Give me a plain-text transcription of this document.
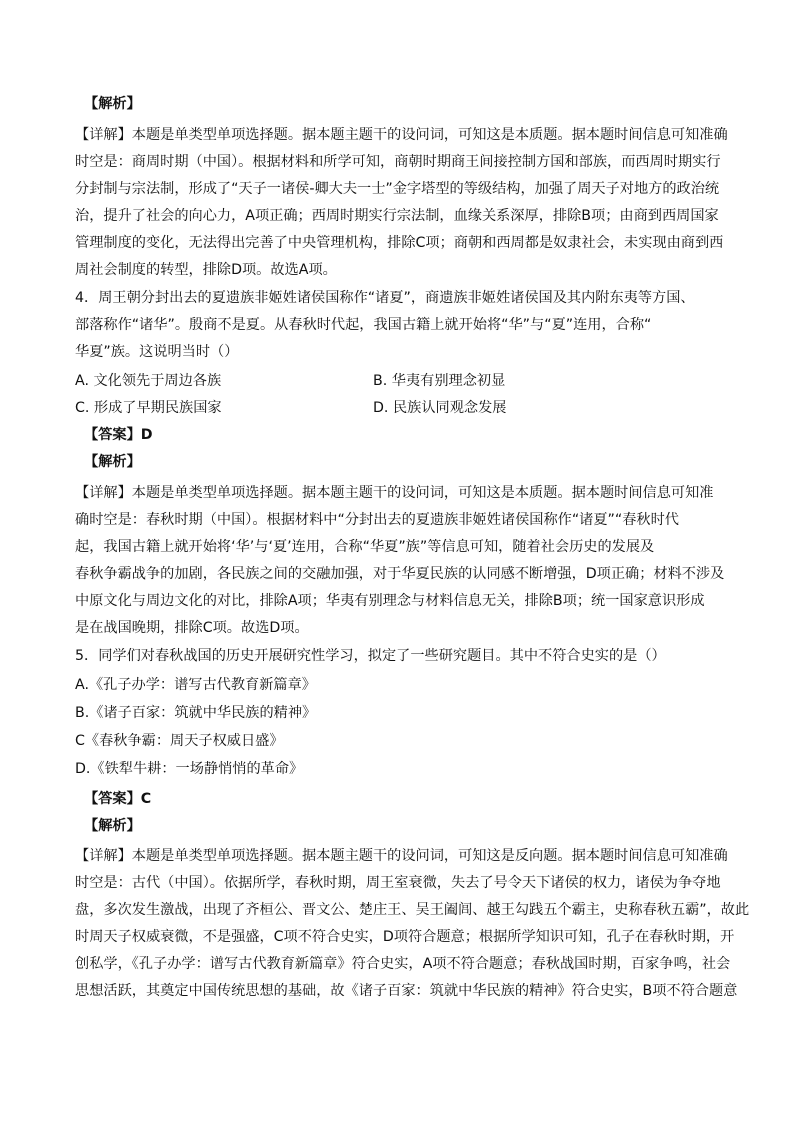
【解析】
【详解】本题是单类型单项选择题。据本题主题干的设问词，可知这是本质题。据本题时间信息可知准确
时空是：商周时期（中国）。根据材料和所学可知，商朝时期商王间接控制方国和部族，而西周时期实行
分封制与宗法制，形成了“天子一诸侯-卿大夫一士”金字塔型的等级结构，加强了周天子对地方的政治统
治，提升了社会的向心力，A项正确；西周时期实行宗法制，血缘关系深厚，排除B项；由商到西周国家
管理制度的变化，无法得出完善了中央管理机构，排除C项；商朝和西周都是奴隶社会，未实现由商到西
周社会制度的转型，排除D项。故选A项。
4．周王朝分封出去的夏遗族非姬姓诸侯国称作“诸夏”，商遗族非姬姓诸侯国及其内附东夷等方国、
部落称作“诸华”。殷商不是夏。从春秋时代起，我国古籍上就开始将“华”与“夏”连用，合称“
华夏”族。这说明当时（）
A. 文化领先于周边各族	B. 华夷有别理念初显
C. 形成了早期民族国家	D. 民族认同观念发展
【答案】D
【解析】
【详解】本题是单类型单项选择题。据本题主题干的设问词，可知这是本质题。据本题时间信息可知准
确时空是：春秋时期（中国）。根据材料中“分封出去的夏遗族非姬姓诸侯国称作“诸夏”“春秋时代
起，我国古籍上就开始将‘华’与‘夏’连用，合称“华夏”族”等信息可知，随着社会历史的发展及
春秋争霸战争的加剧，各民族之间的交融加强，对于华夏民族的认同感不断增强，D项正确；材料不涉及
中原文化与周边文化的对比，排除A项；华夷有别理念与材料信息无关，排除B项；统一国家意识形成
是在战国晚期，排除C项。故选D项。
5．同学们对春秋战国的历史开展研究性学习，拟定了一些研究题目。其中不符合史实的是（）
A.《孔子办学：谱写古代教育新篇章》
B.《诸子百家：筑就中华民族的精神》
C《春秋争霸：周天子权威日盛》
D.《铁犁牛耕：一场静悄悄的革命》
【答案】C
【解析】
【详解】本题是单类型单项选择题。据本题主题干的设问词，可知这是反向题。据本题时间信息可知准确
时空是：古代（中国）。依据所学，春秋时期，周王室衰微，失去了号令天下诸侯的权力，诸侯为争夺地
盘，多次发生激战，出现了齐桓公、晋文公、楚庄王、吴王阖闾、越王勾践五个霸主，史称春秋五霸”，故此
时周天子权威衰微，不是强盛，C项不符合史实，D项符合题意；根据所学知识可知，孔子在春秋时期，开
创私学，《孔子办学：谱写古代教育新篇章》符合史实，A项不符合题意；春秋战国时期，百家争鸣，社会
思想活跃，其奠定中国传统思想的基础，故《诸子百家：筑就中华民族的精神》符合史实，B项不符合题意
